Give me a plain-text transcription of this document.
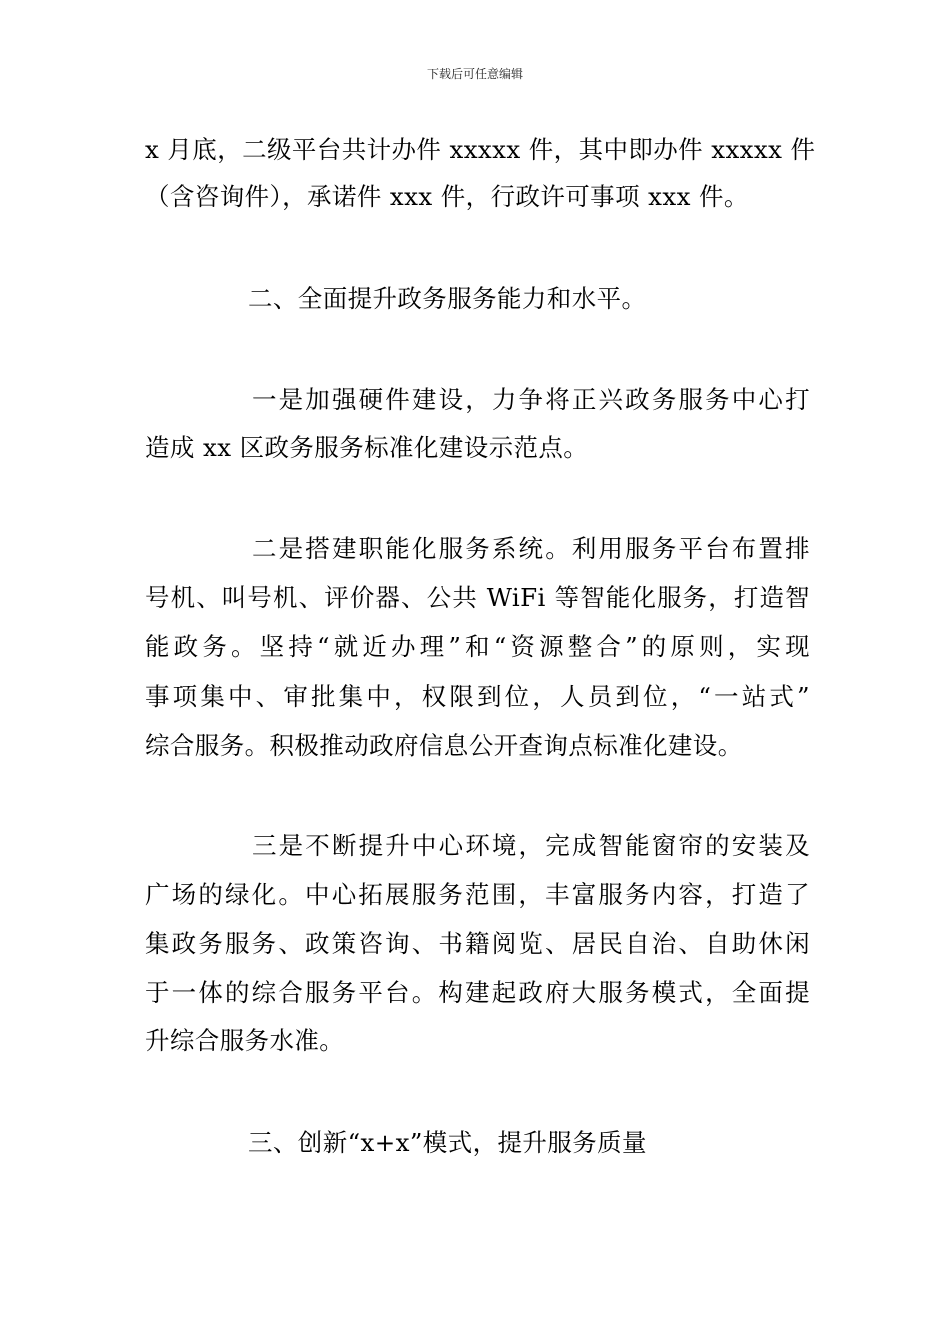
下载后可任意编辑
x 月底，二级平台共计办件 xxxxx 件，其中即办件 xxxxx 件
（含咨询件），承诺件 xxx 件，行政许可事项 xxx 件。
二、全面提升政务服务能力和水平。
一是加强硬件建设，力争将正兴政务服务中心打
造成 xx 区政务服务标准化建设示范点。
二是搭建职能化服务系统。利用服务平台布置排
号机、叫号机、评价器、公共 WiFi 等智能化服务，打造智
能政务。坚持“就近办理”和“资源整合”的原则，实现
事项集中、审批集中，权限到位，人员到位，“一站式”
综合服务。积极推动政府信息公开查询点标准化建设。
三是不断提升中心环境，完成智能窗帘的安装及
广场的绿化。中心拓展服务范围，丰富服务内容，打造了
集政务服务、政策咨询、书籍阅览、居民自治、自助休闲
于一体的综合服务平台。构建起政府大服务模式，全面提
升综合服务水准。
三、创新“x+x”模式，提升服务质量
